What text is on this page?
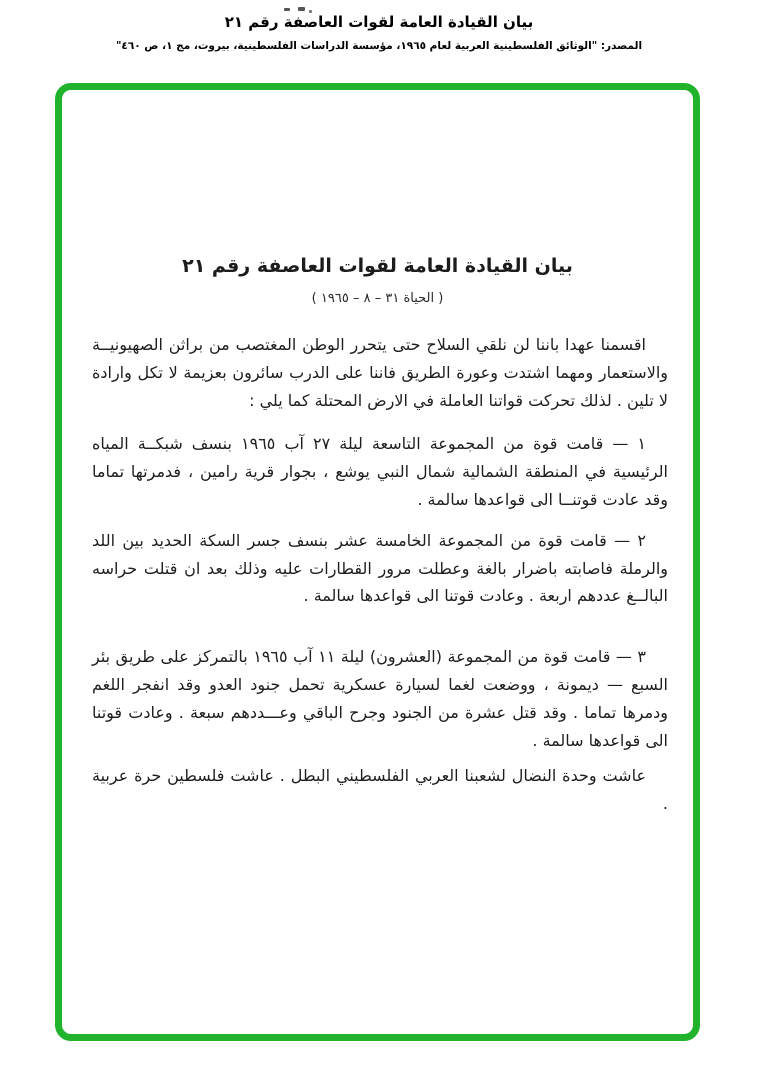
بيان القيادة العامة لقوات العاصفة رقم ٢١
المصدر: "الوثائق الفلسطينية العربية لعام ١٩٦٥، مؤسسة الدراسات الفلسطينية، بيروت، مج ١، ص ٤٦٠"
بيان القيادة العامة لقوات العاصفة رقم ٢١
( الحياة ٣١ – ٨ – ١٩٦٥ )

اقسمنا عهدا باننا لن نلقي السلاح حتى يتحرر الوطن المغتصب من براثن الصهيونيــة والاستعمار ومهما اشتدت وعورة الطريق فاننا على الدرب سائرون بعزيمة لا تكل وارادة لا تلين . لذلك تحركت قواتنا العاملة في الارض المحتلة كما يلي :

١ — قامت قوة من المجموعة التاسعة ليلة ٢٧ آب ١٩٦٥ بنسف شبكــة المياه الرئيسية في المنطقة الشمالية شمال النبي يوشع ، بجوار قرية رامين ، فدمرتها تماما وقد عادت قوتنــا الى قواعدها سالمة .

٢ — قامت قوة من المجموعة الخامسة عشر بنسف جسر السكة الحديد بين اللد والرملة فاصابته باضرار بالغة وعطلت مرور القطارات عليه وذلك بعد ان قتلت حراسه البالــغ عددهم اربعة . وعادت قوتنا الى قواعدها سالمة .

٣ — قامت قوة من المجموعة (العشرون) ليلة ١١ آب ١٩٦٥ بالتمركز على طريق بئر السبع — ديمونة ، ووضعت لغما لسيارة عسكرية تحمل جنود العدو وقد انفجر اللغم ودمرها تماما . وقد قتل عشرة من الجنود وجرح الباقي وعـــددهم سبعة . وعادت قوتنا الى قواعدها سالمة .

عاشت وحدة النضال لشعبنا العربي الفلسطيني البطل . عاشت فلسطين حرة عربية .
